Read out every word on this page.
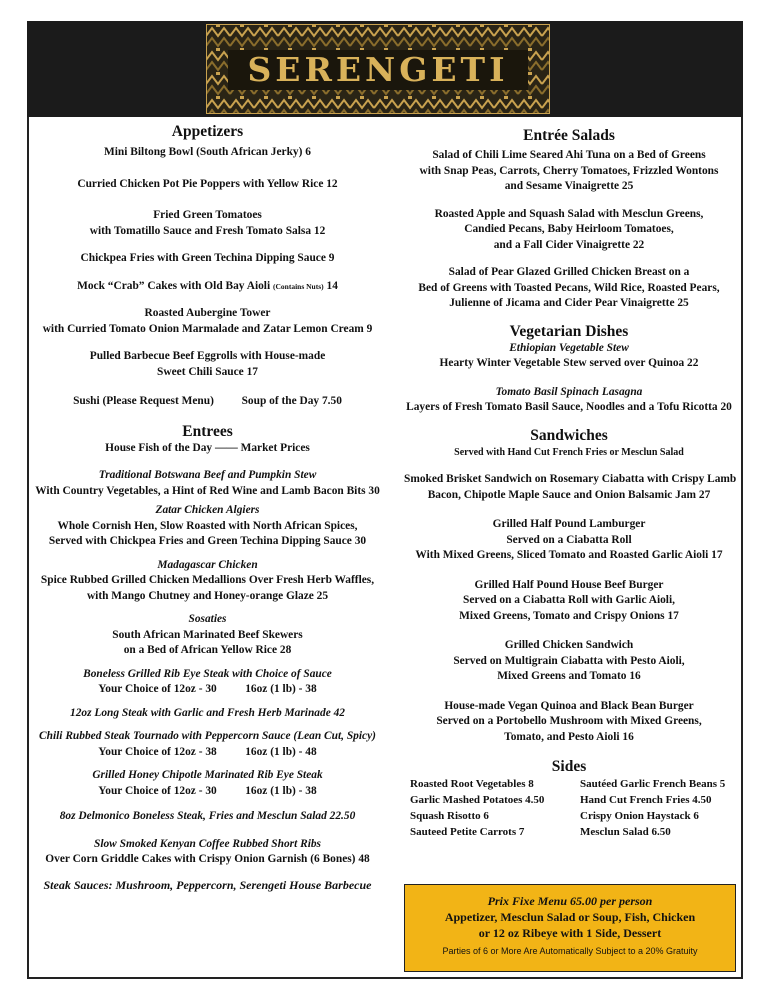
SERENGETI

Appetizers

Mini Biltong Bowl (South African Jerky) 6
Curried Chicken Pot Pie Poppers with Yellow Rice 12
Fried Green Tomatoes
with Tomatillo Sauce and Fresh Tomato Salsa 12
Chickpea Fries with Green Techina Dipping Sauce 9
Mock “Crab” Cakes with Old Bay Aioli (Contains Nuts) 14
Roasted Aubergine Tower
with Curried Tomato Onion Marmalade and Zatar Lemon Cream 9
Pulled Barbecue Beef Eggrolls with House-made
Sweet Chili Sauce 17
Sushi (Please Request Menu) Soup of the Day 7.50

Entrees

House Fish of the Day —— Market Prices
Traditional Botswana Beef and Pumpkin Stew
With Country Vegetables, a Hint of Red Wine and Lamb Bacon Bits 30
Zatar Chicken Algiers
Whole Cornish Hen, Slow Roasted with North African Spices,
Served with Chickpea Fries and Green Techina Dipping Sauce 30
Madagascar Chicken
Spice Rubbed Grilled Chicken Medallions Over Fresh Herb Waffles,
with Mango Chutney and Honey-orange Glaze 25
Sosaties
South African Marinated Beef Skewers
on a Bed of African Yellow Rice 28
Boneless Grilled Rib Eye Steak with Choice of Sauce
Your Choice of 12oz - 30          16oz (1 lb) - 38
12oz Long Steak with Garlic and Fresh Herb Marinade 42
Chili Rubbed Steak Tournado with Peppercorn Sauce (Lean Cut, Spicy)
Your Choice of 12oz - 38          16oz (1 lb) - 48
Grilled Honey Chipotle Marinated Rib Eye Steak
Your Choice of 12oz - 30          16oz (1 lb) - 38
8oz Delmonico Boneless Steak, Fries and Mesclun Salad 22.50
Slow Smoked Kenyan Coffee Rubbed Short Ribs
Over Corn Griddle Cakes with Crispy Onion Garnish (6 Bones) 48
Steak Sauces: Mushroom, Peppercorn, Serengeti House Barbecue

Entrée Salads

Salad of Chili Lime Seared Ahi Tuna on a Bed of Greens
with Snap Peas, Carrots, Cherry Tomatoes, Frizzled Wontons
and Sesame Vinaigrette 25
Roasted Apple and Squash Salad with Mesclun Greens,
Candied Pecans, Baby Heirloom Tomatoes,
and a Fall Cider Vinaigrette 22
Salad of Pear Glazed Grilled Chicken Breast on a
Bed of Greens with Toasted Pecans, Wild Rice, Roasted Pears,
Julienne of Jicama and Cider Pear Vinaigrette 25

Vegetarian Dishes

Ethiopian Vegetable Stew
Hearty Winter Vegetable Stew served over Quinoa 22
Tomato Basil Spinach Lasagna
Layers of Fresh Tomato Basil Sauce, Noodles and a Tofu Ricotta 20

Sandwiches

Served with Hand Cut French Fries or Mesclun Salad
Smoked Brisket Sandwich on Rosemary Ciabatta with Crispy Lamb
Bacon, Chipotle Maple Sauce and Onion Balsamic Jam 27
Grilled Half Pound Lamburger
Served on a Ciabatta Roll
With Mixed Greens, Sliced Tomato and Roasted Garlic Aioli 17
Grilled Half Pound House Beef Burger
Served on a Ciabatta Roll with Garlic Aioli,
Mixed Greens, Tomato and Crispy Onions 17
Grilled Chicken Sandwich
Served on Multigrain Ciabatta with Pesto Aioli,
Mixed Greens and Tomato 16
House-made Vegan Quinoa and Black Bean Burger
Served on a Portobello Mushroom with Mixed Greens,
Tomato, and Pesto Aioli 16

Sides

Roasted Root Vegetables 8	Sautéed Garlic French Beans 5
Garlic Mashed Potatoes 4.50	Hand Cut French Fries 4.50
Squash Risotto 6	Crispy Onion Haystack 6
Sauteed Petite Carrots 7	Mesclun Salad 6.50
Prix Fixe Menu 65.00 per person
Appetizer, Mesclun Salad or Soup, Fish, Chicken
or 12 oz Ribeye with 1 Side, Dessert
Parties of 6 or More Are Automatically Subject to a 20% Gratuity
